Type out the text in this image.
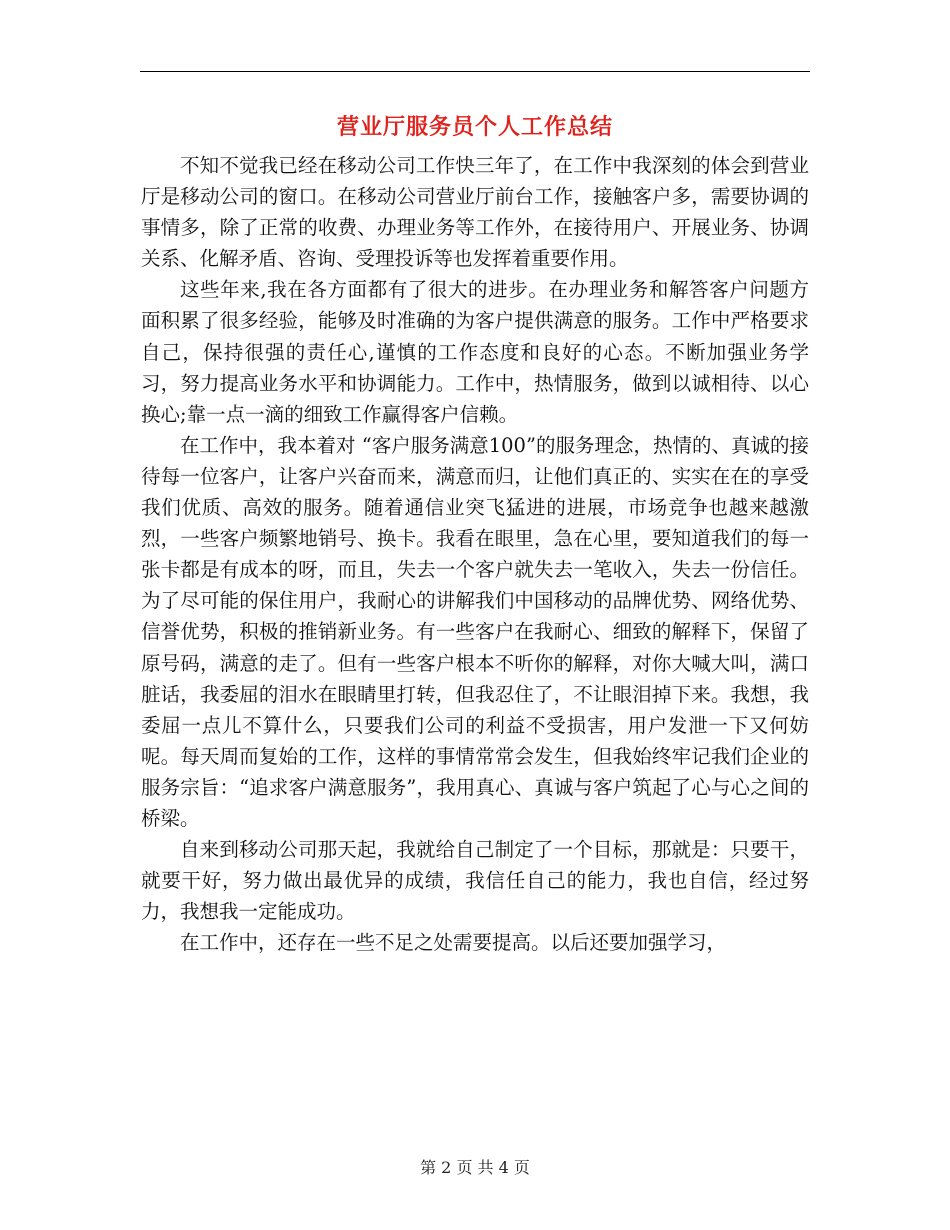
营业厅服务员个人工作总结

不知不觉我已经在移动公司工作快三年了，在工作中我深刻的体会到营业厅是移动公司的窗口。在移动公司营业厅前台工作，接触客户多，需要协调的事情多，除了正常的收费、办理业务等工作外，在接待用户、开展业务、协调关系、化解矛盾、咨询、受理投诉等也发挥着重要作用。

这些年来,我在各方面都有了很大的进步。在办理业务和解答客户问题方面积累了很多经验，能够及时准确的为客户提供满意的服务。工作中严格要求自己，保持很强的责任心,谨慎的工作态度和良好的心态。不断加强业务学习，努力提高业务水平和协调能力。工作中，热情服务，做到以诚相待、以心换心;靠一点一滴的细致工作赢得客户信赖。

在工作中，我本着对 “客户服务满意100”的服务理念，热情的、真诚的接待每一位客户，让客户兴奋而来，满意而归，让他们真正的、实实在在的享受我们优质、高效的服务。随着通信业突飞猛进的进展，市场竞争也越来越激烈，一些客户频繁地销号、换卡。我看在眼里，急在心里，要知道我们的每一张卡都是有成本的呀，而且，失去一个客户就失去一笔收入，失去一份信任。为了尽可能的保住用户，我耐心的讲解我们中国移动的品牌优势、网络优势、信誉优势，积极的推销新业务。有一些客户在我耐心、细致的解释下，保留了原号码，满意的走了。但有一些客户根本不听你的解释，对你大喊大叫，满口脏话，我委屈的泪水在眼睛里打转，但我忍住了，不让眼泪掉下来。我想，我委屈一点儿不算什么，只要我们公司的利益不受损害，用户发泄一下又何妨呢。每天周而复始的工作，这样的事情常常会发生，但我始终牢记我们企业的服务宗旨：“追求客户满意服务”，我用真心、真诚与客户筑起了心与心之间的桥梁。

自来到移动公司那天起，我就给自己制定了一个目标，那就是：只要干，就要干好，努力做出最优异的成绩，我信任自己的能力，我也自信，经过努力，我想我一定能成功。

在工作中，还存在一些不足之处需要提高。以后还要加强学习，

第 2 页 共 4 页
